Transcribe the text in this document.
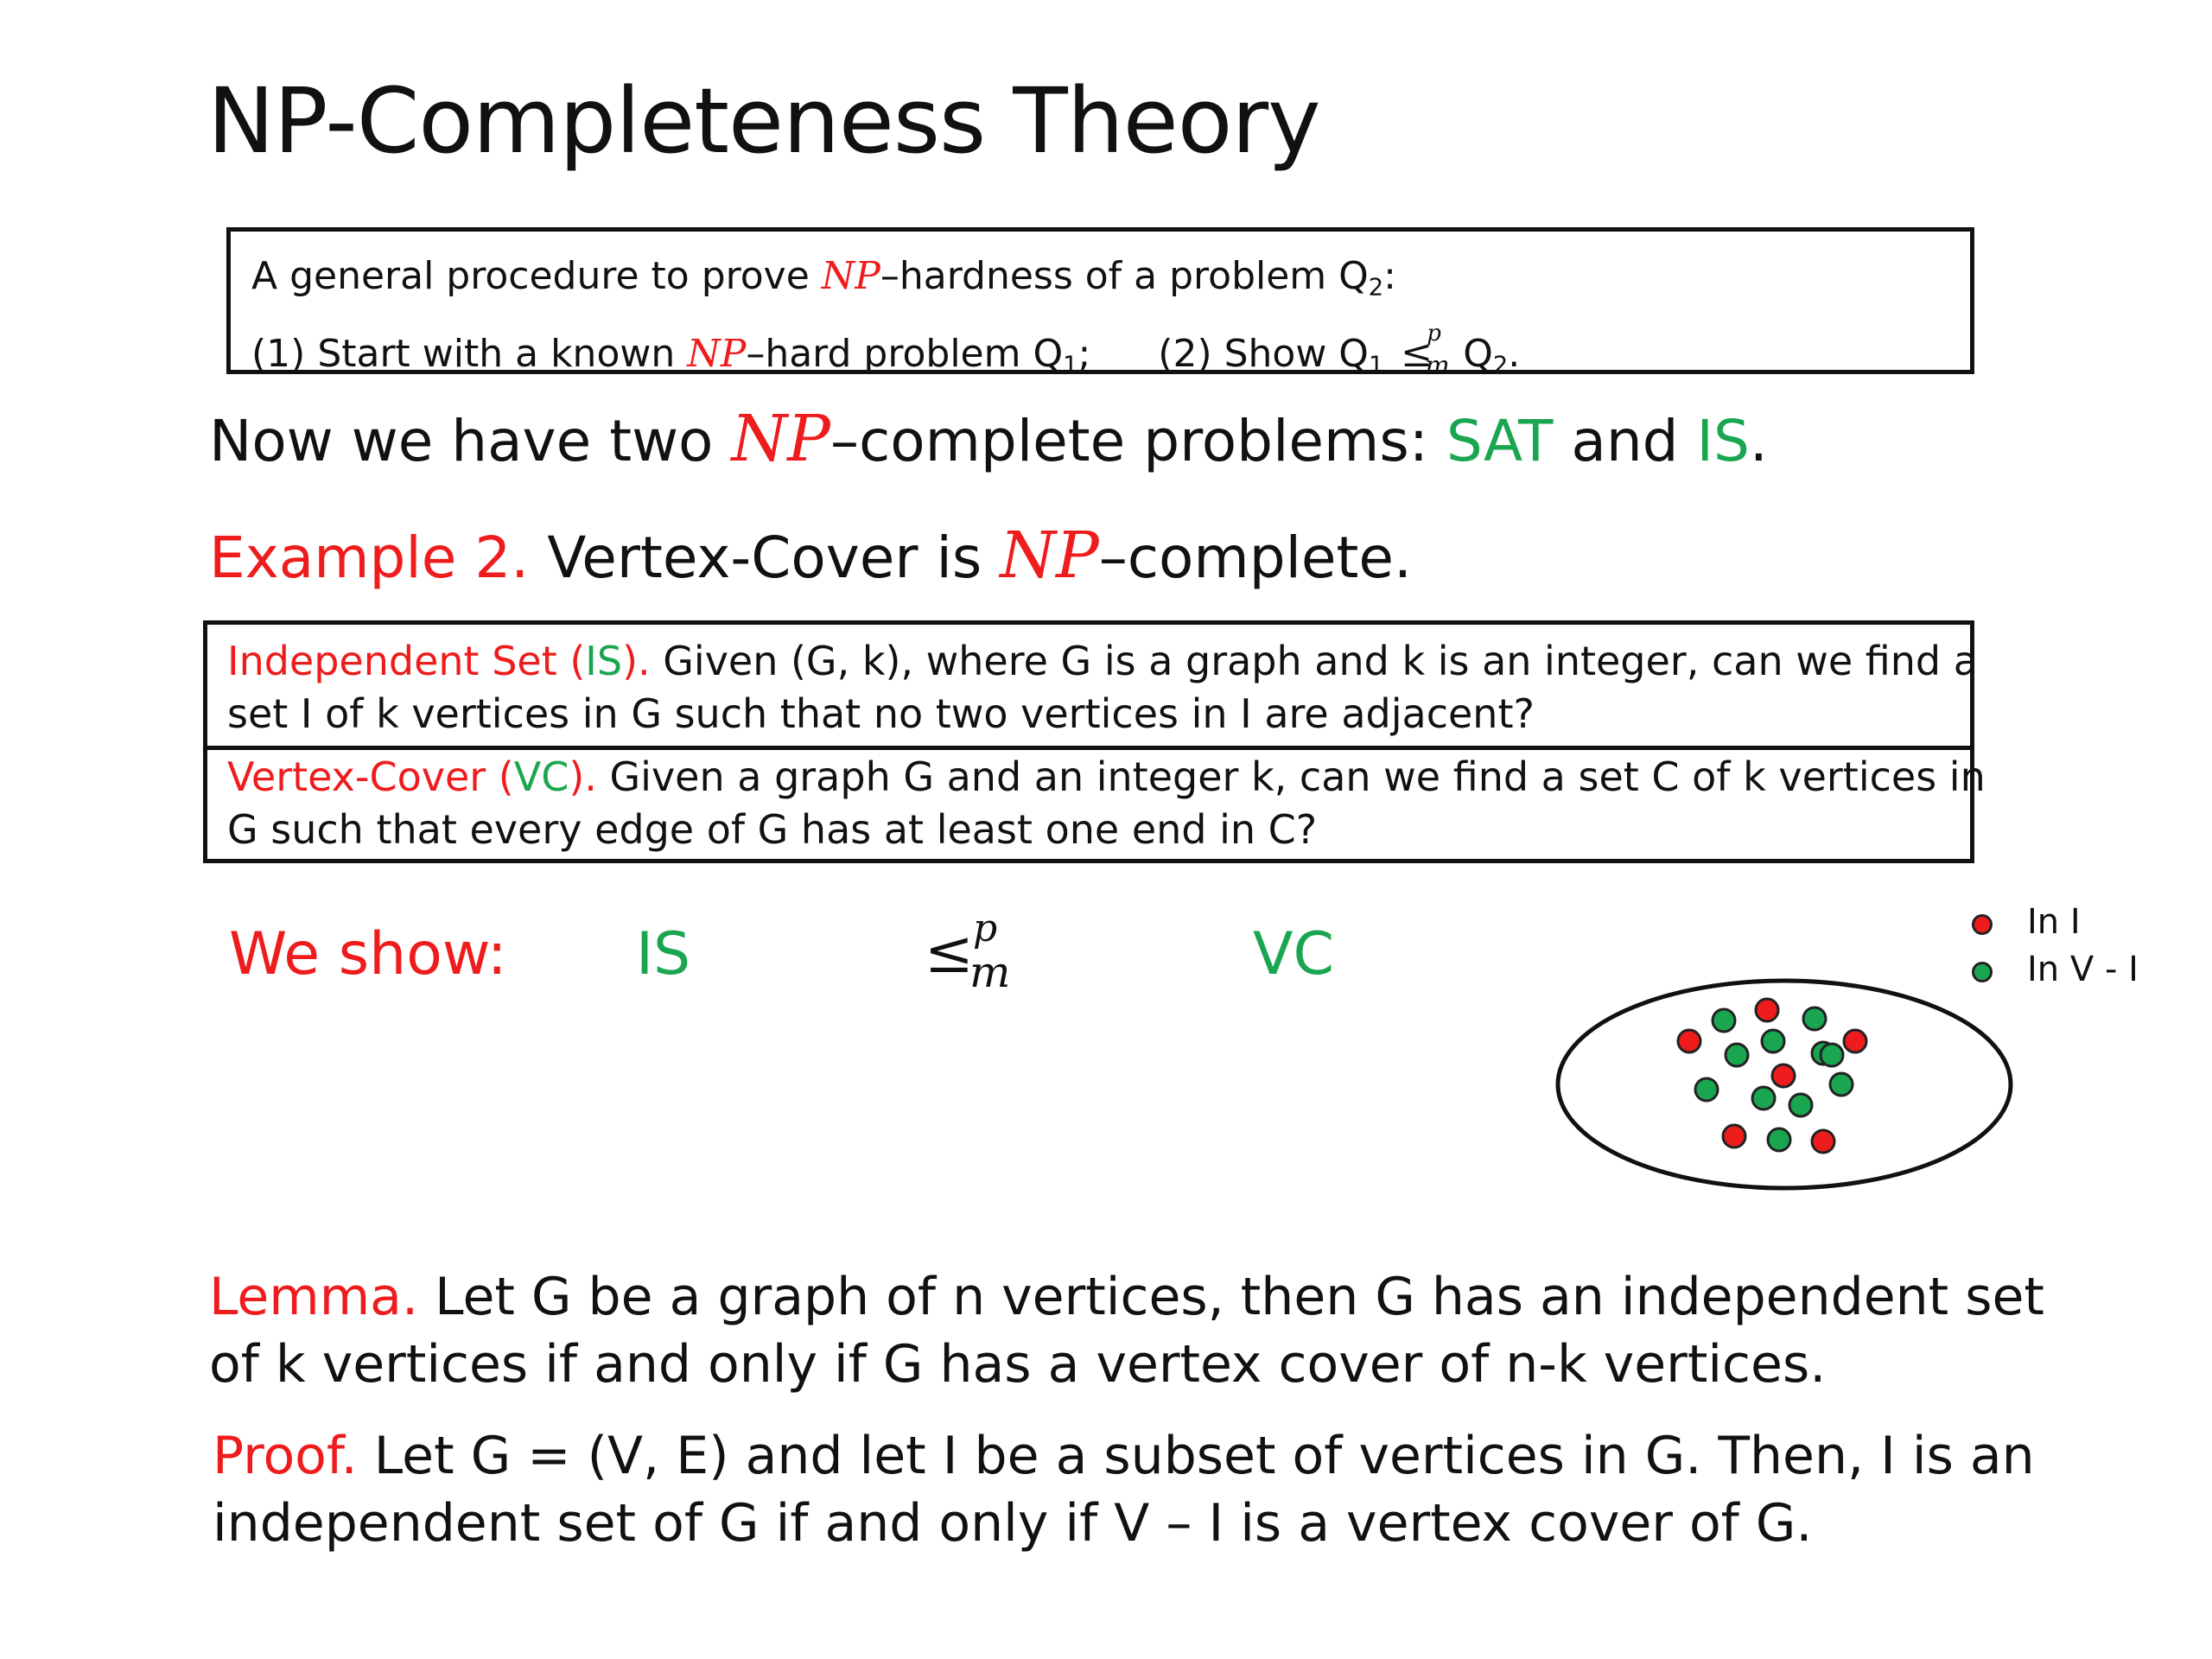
NP-Completeness Theory
A general procedure to prove NP–hardness of a problem $Q_2$:
(1) Start with a known NP–hard problem $Q_1$; (2) Show $Q_1$ ≤
p
m $Q_2$.
Now we have two NP–complete problems: SAT and IS.
Example 2. Vertex-Cover is NP–complete.
Independent Set (IS). Given (G, k), where G is a graph and k is an integer, can we find a
set I of k vertices in G such that no two vertices in I are adjacent?
Vertex-Cover (VC). Given a graph G and an integer k, can we find a set C of k vertices in
G such that every edge of G has at least one end in C?
We show: IS	≤ p
m	VC	In I
In V - I
Lemma. Let G be a graph of n vertices, then G has an independent set
of k vertices if and only if G has a vertex cover of n-k vertices.
Proof. Let G = (V, E) and let I be a subset of vertices in G. Then, I is an
independent set of G if and only if V – I is a vertex cover of G.
